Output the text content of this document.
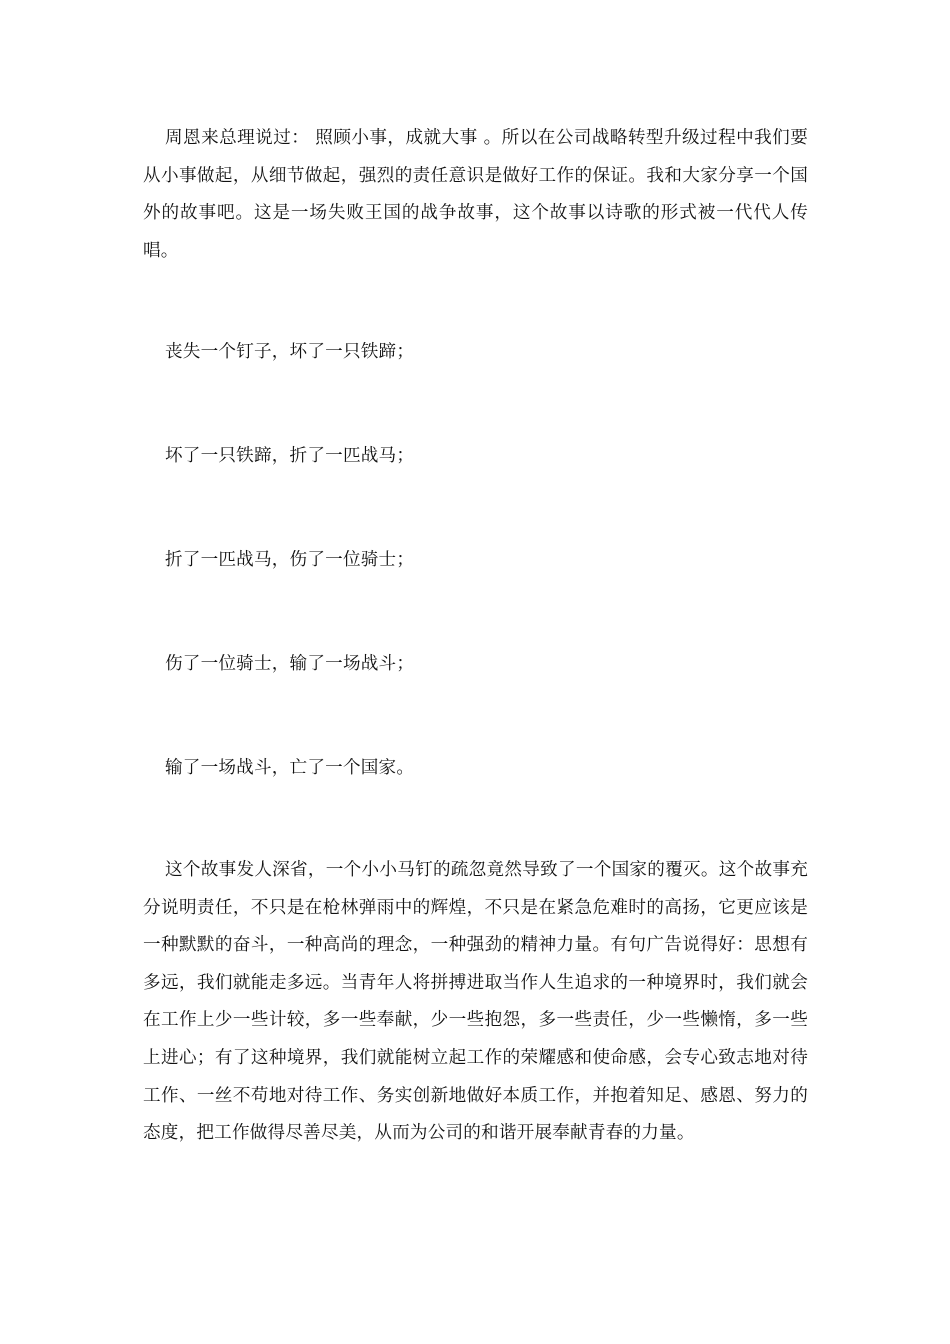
周恩来总理说过： 照顾小事，成就大事 。所以在公司战略转型升级过程中我们要从小事做起，从细节做起，强烈的责任意识是做好工作的保证。我和大家分享一个国外的故事吧。这是一场失败王国的战争故事，这个故事以诗歌的形式被一代代人传唱。

丧失一个钉子，坏了一只铁蹄；

坏了一只铁蹄，折了一匹战马；

折了一匹战马，伤了一位骑士；

伤了一位骑士，输了一场战斗；

输了一场战斗，亡了一个国家。

这个故事发人深省，一个小小马钉的疏忽竟然导致了一个国家的覆灭。这个故事充分说明责任，不只是在枪林弹雨中的辉煌，不只是在紧急危难时的高扬，它更应该是一种默默的奋斗，一种高尚的理念，一种强劲的精神力量。有句广告说得好：思想有多远，我们就能走多远。当青年人将拼搏进取当作人生追求的一种境界时，我们就会在工作上少一些计较，多一些奉献，少一些抱怨，多一些责任，少一些懒惰，多一些上进心；有了这种境界，我们就能树立起工作的荣耀感和使命感，会专心致志地对待工作、一丝不苟地对待工作、务实创新地做好本质工作，并抱着知足、感恩、努力的态度，把工作做得尽善尽美，从而为公司的和谐开展奉献青春的力量。
